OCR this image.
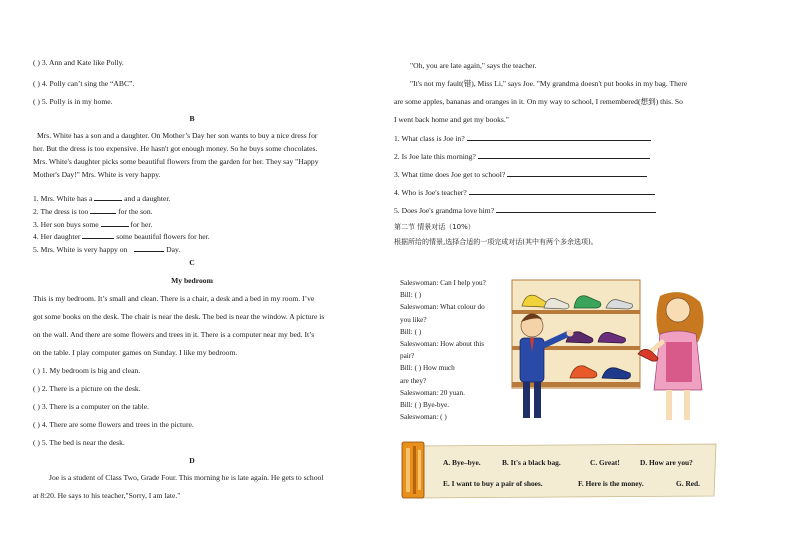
( ) 3. Ann and Kate like Polly.
( ) 4. Polly can’t sing the “ABC”.
( ) 5. Polly is in my home.
B
Mrs. White has a son and a daughter. On Mother’s Day her son wants to buy a nice dress for
her. But the dress is too expensive. He hasn't got enough money. So he buys some chocolates.
Mrs. White's daughter picks some beautiful flowers from the garden for her. They say "Happy
Mother's Day!" Mrs. White is very happy.
1. Mrs. White has a	and a daughter.
2. The dress is too	for the son.
3. Her son buys some	for her.
4. Her daughter	some beautiful flowers for her.
5. Mrs. White is very happy on	Day.
C
My bedroom
This is my bedroom. It’s small and clean. There is a chair, a desk and a bed in my room. I’ve
got some books on the desk. The chair is near the desk. The bed is near the window. A picture is
on the wall. And there are some flowers and trees in it. There is a computer near my bed. It’s
on the table. I play computer games on Sunday. I like my bedroom.
( ) 1. My bedroom is big and clean.
( ) 2. There is a picture on the desk.
( ) 3. There is a computer on the table.
( ) 4. There are some flowers and trees in the picture.
( ) 5. The bed is near the desk.
D
Joe is a student of Class Two, Grade Four. This morning he is late again. He gets to school
at 8:20. He says to his teacher,"Sorry, I am late."
"Oh, you are late again," says the teacher.
"It's not my fault(错), Miss Li," says Joe. "My grandma doesn't put books in my bag. There
are some apples, bananas and oranges in it. On my way to school, I remembered(想到) this. So
I went back home and get my books."
1. What class is Joe in?
2. Is Joe late this morning?
3. What time does Joe get to school?
4. Who is Joe's teacher?
5. Does Joe's grandma love him?
第二节 情景对话（10%）
根据所给的情景,选择合适的一项完成对话(其中有两个多余选项)。
Saleswoman: Can I help you?
Bill: ( )
Saleswoman: What colour do
you like?
Bill: ( )
Saleswoman: How about this
pair?
Bill: ( ) How much
are they?
Saleswoman: 20 yuan.
Bill: ( ) Bye-bye.
Saleswoman: ( )
A. Bye–bye.	B. It's a black bag.	C. Great!	D. How are you?
E. I want to buy a pair of shoes.	F. Here is the money.	G. Red.
